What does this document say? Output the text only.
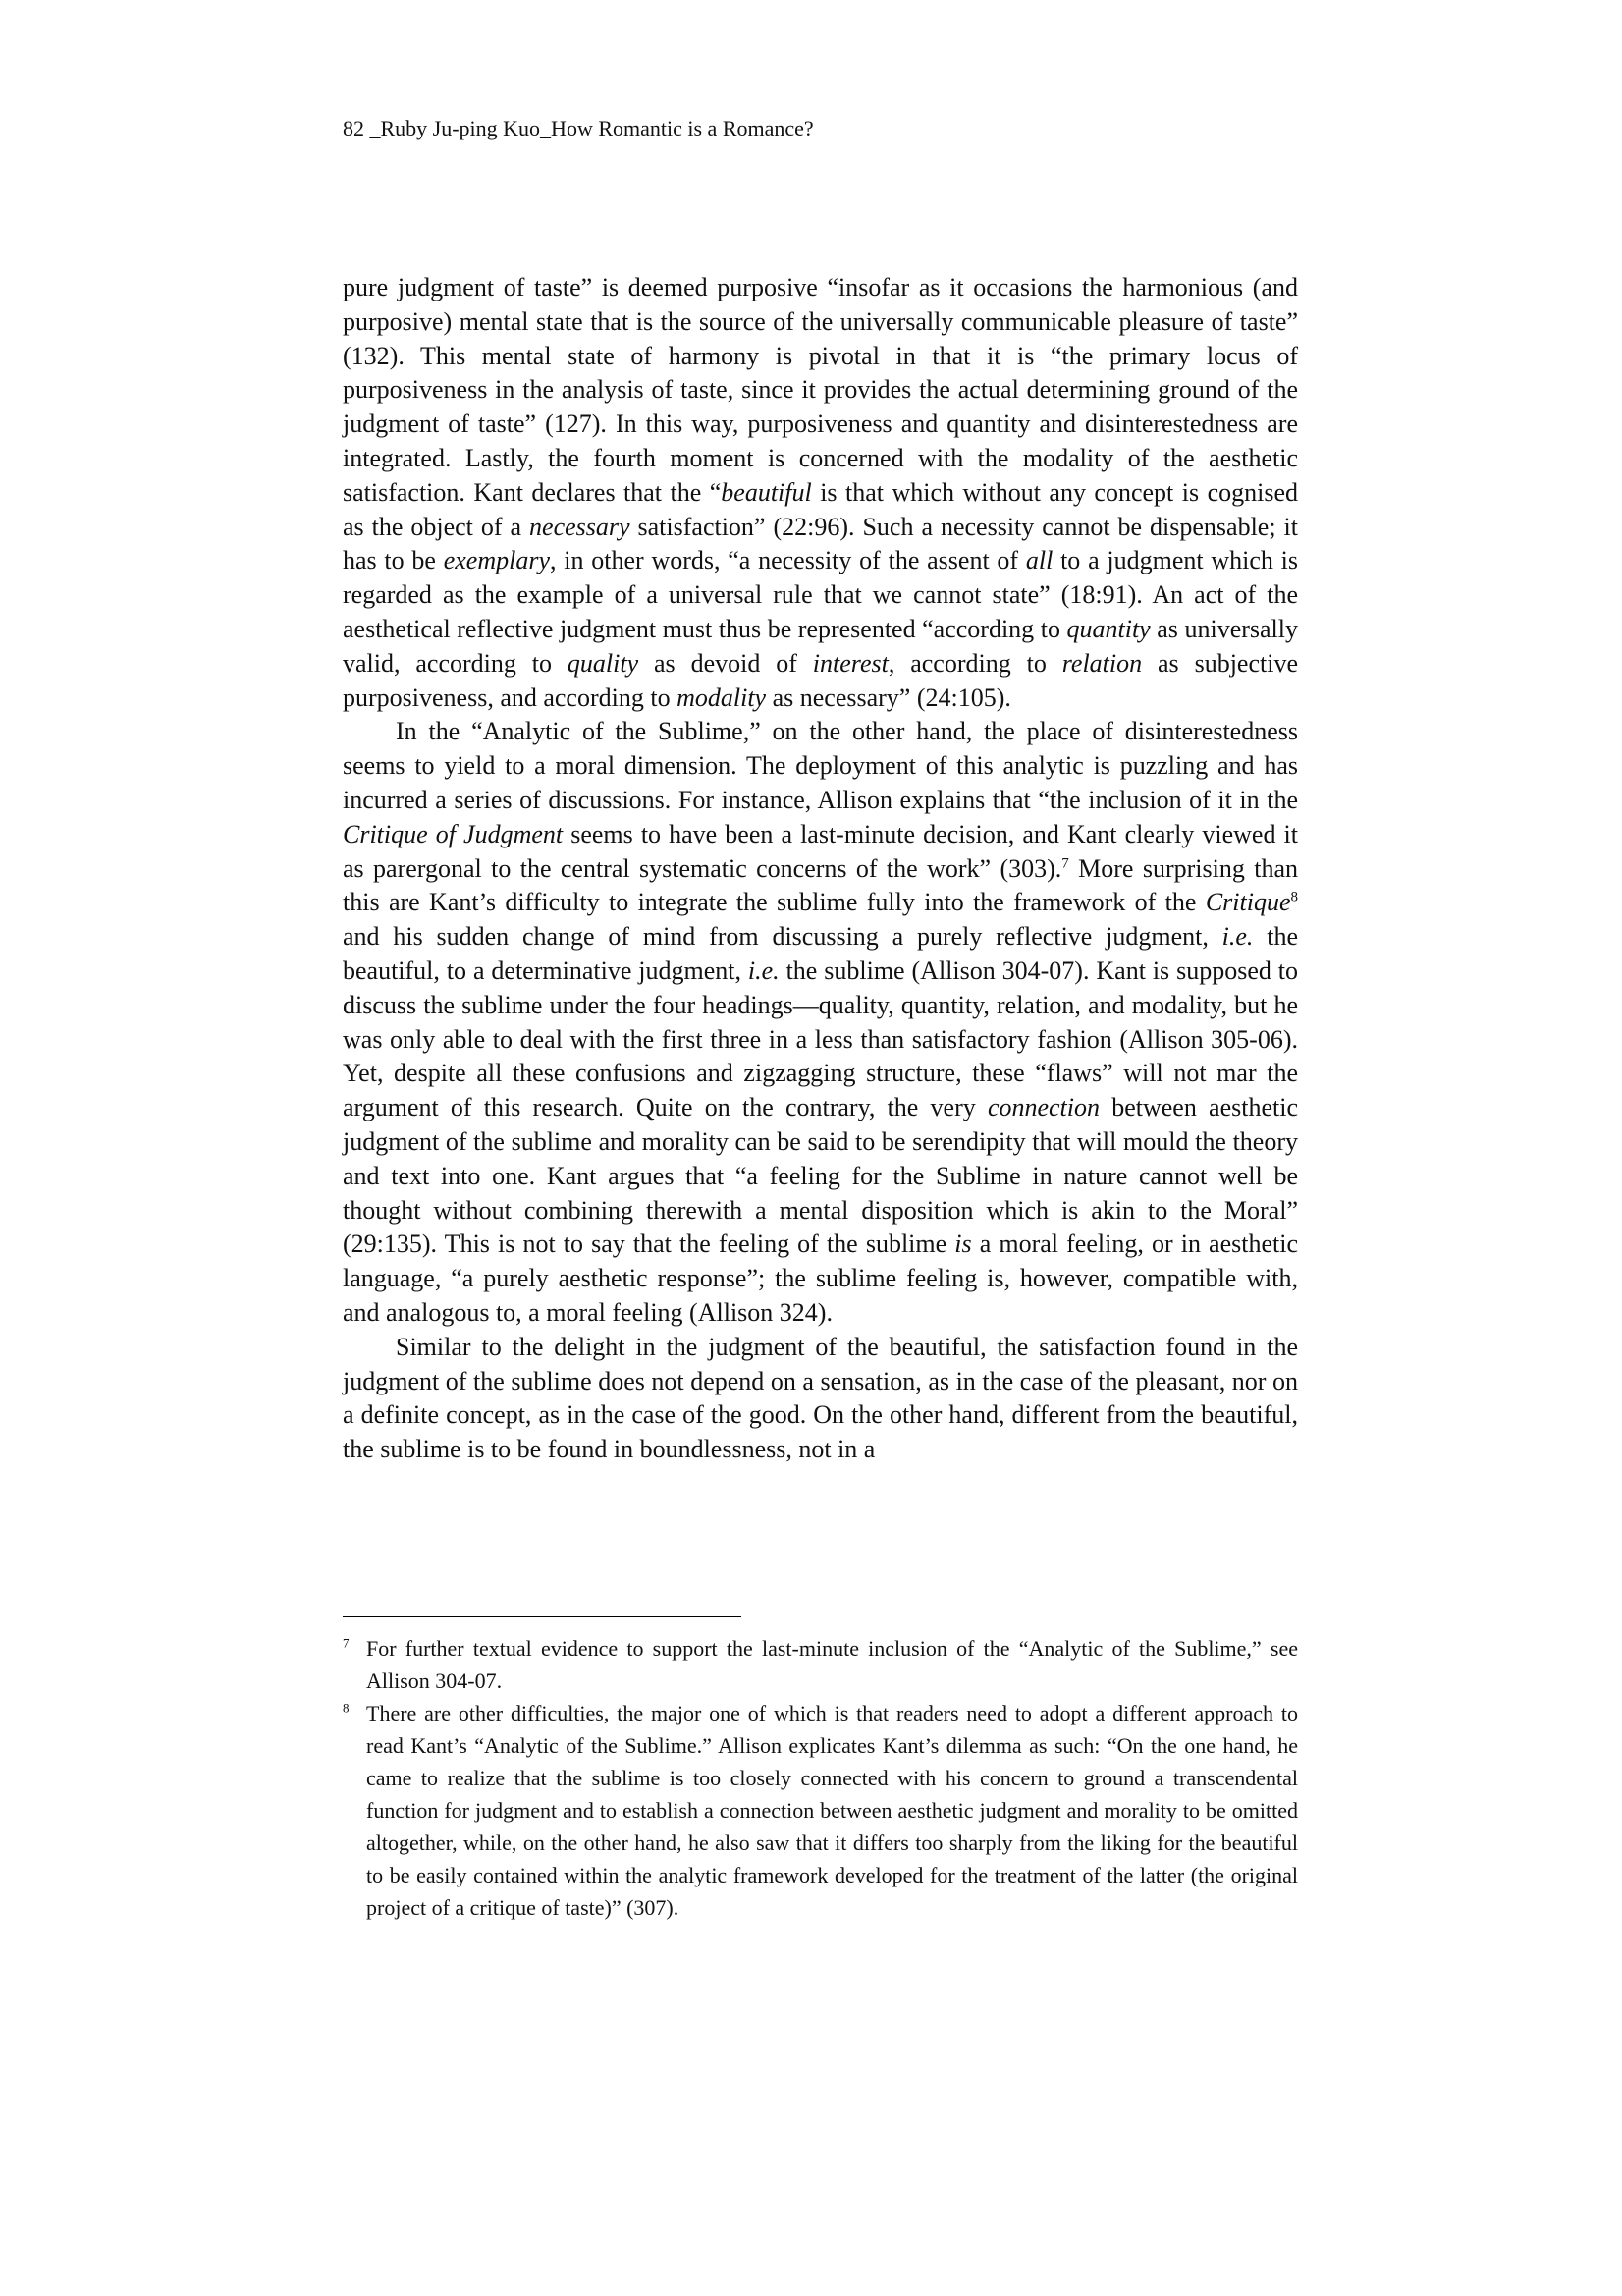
82 _Ruby Ju-ping Kuo_How Romantic is a Romance?

pure judgment of taste” is deemed purposive “insofar as it occasions the harmonious (and purposive) mental state that is the source of the universally communicable pleasure of taste” (132). This mental state of harmony is pivotal in that it is “the primary locus of purposiveness in the analysis of taste, since it provides the actual determining ground of the judgment of taste” (127). In this way, purposiveness and quantity and disinterestedness are integrated. Lastly, the fourth moment is concerned with the modality of the aesthetic satisfaction. Kant declares that the “beautiful is that which without any concept is cognised as the object of a necessary satisfaction” (22:96). Such a necessity cannot be dispensable; it has to be exemplary, in other words, “a necessity of the assent of all to a judgment which is regarded as the example of a universal rule that we cannot state” (18:91). An act of the aesthetical reflective judgment must thus be represented “according to quantity as universally valid, according to quality as devoid of interest, according to relation as subjective purposiveness, and according to modality as necessary” (24:105).

In the “Analytic of the Sublime,” on the other hand, the place of disinterestedness seems to yield to a moral dimension. The deployment of this analytic is puzzling and has incurred a series of discussions. For instance, Allison explains that “the inclusion of it in the Critique of Judgment seems to have been a last-minute decision, and Kant clearly viewed it as parergonal to the central systematic concerns of the work” (303).$^7$ More surprising than this are Kant’s difficulty to integrate the sublime fully into the framework of the Critique$^8$ and his sudden change of mind from discussing a purely reflective judgment, i.e. the beautiful, to a determinative judgment, i.e. the sublime (Allison 304-07). Kant is supposed to discuss the sublime under the four headings—quality, quantity, relation, and modality, but he was only able to deal with the first three in a less than satisfactory fashion (Allison 305-06). Yet, despite all these confusions and zigzagging structure, these “flaws” will not mar the argument of this research. Quite on the contrary, the very connection between aesthetic judgment of the sublime and morality can be said to be serendipity that will mould the theory and text into one. Kant argues that “a feeling for the Sublime in nature cannot well be thought without combining therewith a mental disposition which is akin to the Moral” (29:135). This is not to say that the feeling of the sublime is a moral feeling, or in aesthetic language, “a purely aesthetic response”; the sublime feeling is, however, compatible with, and analogous to, a moral feeling (Allison 324).

Similar to the delight in the judgment of the beautiful, the satisfaction found in the judgment of the sublime does not depend on a sensation, as in the case of the pleasant, nor on a definite concept, as in the case of the good. On the other hand, different from the beautiful, the sublime is to be found in boundlessness, not in a

$^7$ For further textual evidence to support the last-minute inclusion of the “Analytic of the Sublime,” see Allison 304-07.
$^8$ There are other difficulties, the major one of which is that readers need to adopt a different approach to read Kant’s “Analytic of the Sublime.” Allison explicates Kant’s dilemma as such: “On the one hand, he came to realize that the sublime is too closely connected with his concern to ground a transcendental function for judgment and to establish a connection between aesthetic judgment and morality to be omitted altogether, while, on the other hand, he also saw that it differs too sharply from the liking for the beautiful to be easily contained within the analytic framework developed for the treatment of the latter (the original project of a critique of taste)” (307).
